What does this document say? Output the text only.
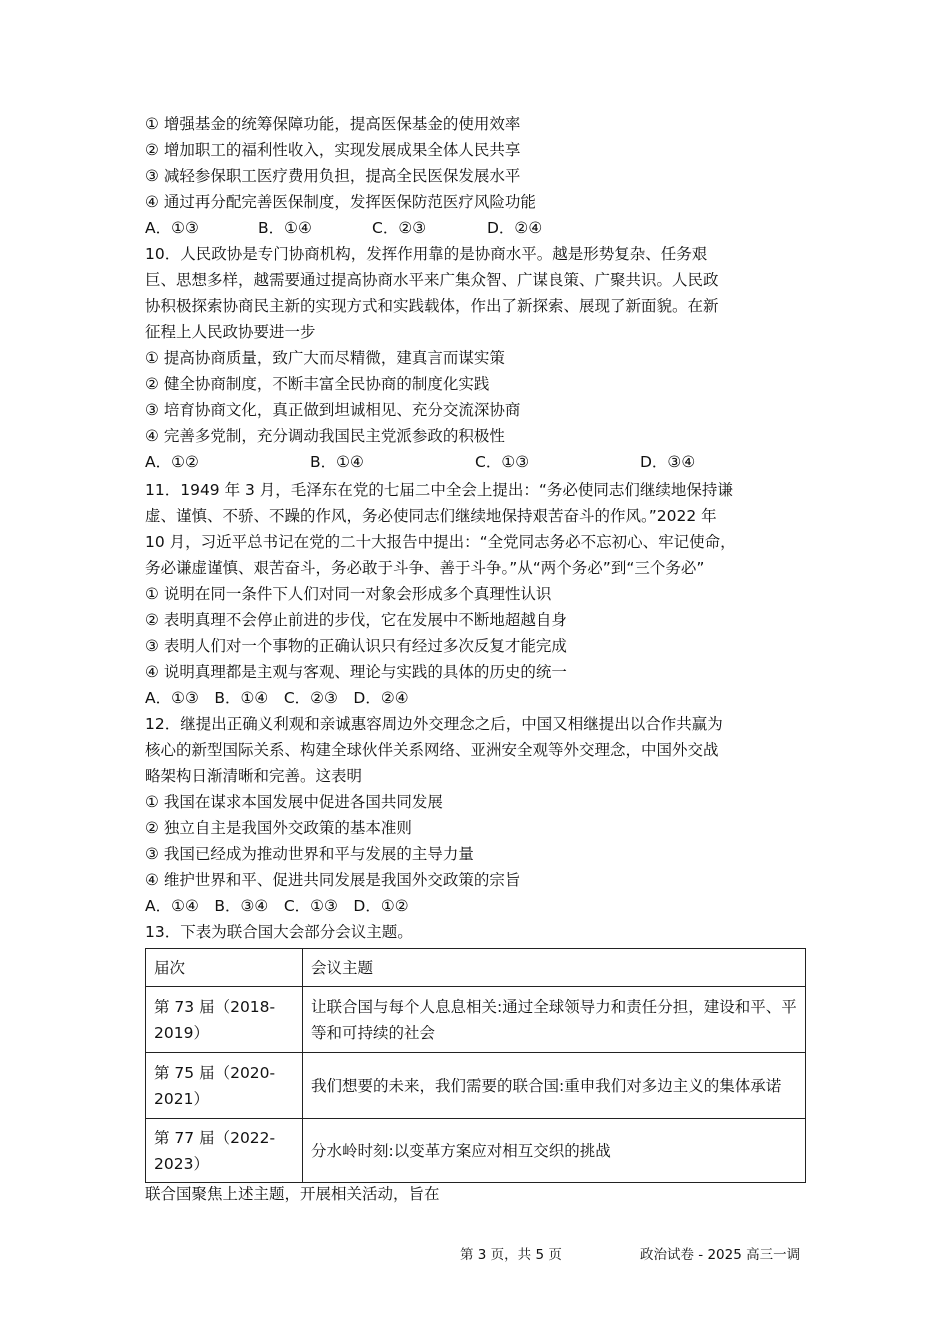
① 增强基金的统筹保障功能，提高医保基金的使用效率
② 增加职工的福利性收入，实现发展成果全体人民共享
③ 减轻参保职工医疗费用负担，提高全民医保发展水平
④ 通过再分配完善医保制度，发挥医保防范医疗风险功能
A．①③	B．①④	C．②③	D．②④
10．人民政协是专门协商机构，发挥作用靠的是协商水平。越是形势复杂、任务艰
巨、思想多样，越需要通过提高协商水平来广集众智、广谋良策、广聚共识。人民政
协积极探索协商民主新的实现方式和实践载体，作出了新探索、展现了新面貌。在新
征程上人民政协要进一步
① 提高协商质量，致广大而尽精微，建真言而谋实策
② 健全协商制度，不断丰富全民协商的制度化实践
③ 培育协商文化，真正做到坦诚相见、充分交流深协商
④ 完善多党制，充分调动我国民主党派参政的积极性
A．①②	B．①④	C．①③	D．③④
11．1949 年 3 月，毛泽东在党的七届二中全会上提出：“务必使同志们继续地保持谦
虚、谨慎、不骄、不躁的作风，务必使同志们继续地保持艰苦奋斗的作风。”2022 年
10 月，习近平总书记在党的二十大报告中提出：“全党同志务必不忘初心、牢记使命，
务必谦虚谨慎、艰苦奋斗，务必敢于斗争、善于斗争。”从“两个务必”到“三个务必”
① 说明在同一条件下人们对同一对象会形成多个真理性认识
② 表明真理不会停止前进的步伐，它在发展中不断地超越自身
③ 表明人们对一个事物的正确认识只有经过多次反复才能完成
④ 说明真理都是主观与客观、理论与实践的具体的历史的统一
A．①③　B．①④　C．②③　D．②④
12．继提出正确义利观和亲诚惠容周边外交理念之后，中国又相继提出以合作共赢为
核心的新型国际关系、构建全球伙伴关系网络、亚洲安全观等外交理念，中国外交战
略架构日渐清晰和完善。这表明
① 我国在谋求本国发展中促进各国共同发展
② 独立自主是我国外交政策的基本准则
③ 我国已经成为推动世界和平与发展的主导力量
④ 维护世界和平、促进共同发展是我国外交政策的宗旨
A．①④　B．③④　C．①③　D．①②
13．下表为联合国大会部分会议主题。
届次	会议主题
第 73 届（2018-2019）	让联合国与每个人息息相关:通过全球领导力和责任分担，建设和平、平等和可持续的社会
第 75 届（2020-2021）	我们想要的未来，我们需要的联合国:重申我们对多边主义的集体承诺
第 77 届（2022-2023）	分水岭时刻:以变革方案应对相互交织的挑战
联合国聚焦上述主题，开展相关活动，旨在
第 3 页，共 5 页	政治试卷 - 2025 高三一调
